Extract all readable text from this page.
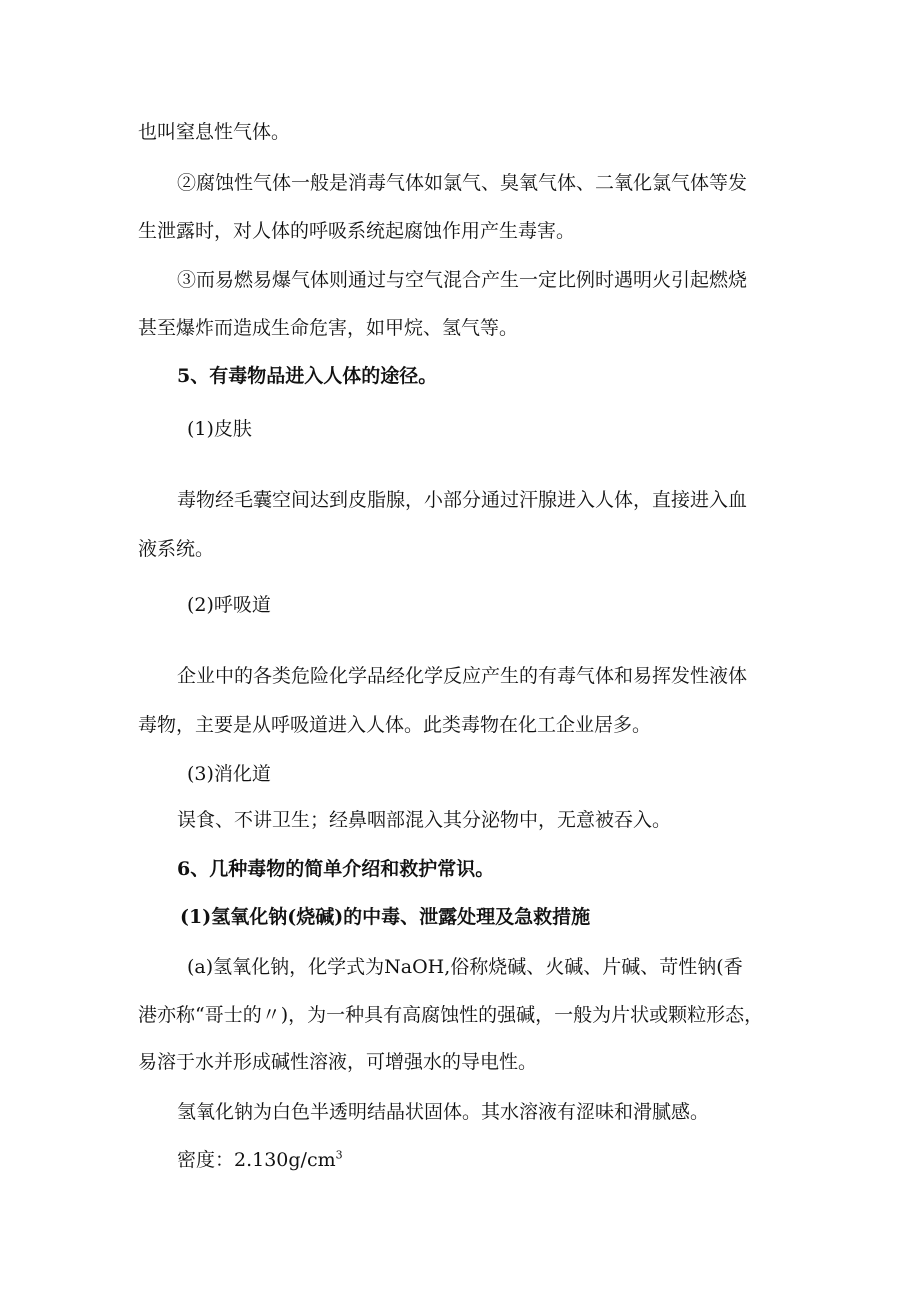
也叫窒息性气体。
②腐蚀性气体一般是消毒气体如氯气、臭氧气体、二氧化氯气体等发
生泄露时，对人体的呼吸系统起腐蚀作用产生毒害。
③而易燃易爆气体则通过与空气混合产生一定比例时遇明火引起燃烧
甚至爆炸而造成生命危害，如甲烷、氢气等。
5、有毒物品进入人体的途径。
(1)皮肤
毒物经毛囊空间达到皮脂腺，小部分通过汗腺进入人体，直接进入血
液系统。
(2)呼吸道
企业中的各类危险化学品经化学反应产生的有毒气体和易挥发性液体
毒物，主要是从呼吸道进入人体。此类毒物在化工企业居多。
(3)消化道
误食、不讲卫生；经鼻咽部混入其分泌物中，无意被吞入。
6、几种毒物的简单介绍和救护常识。
(1)氢氧化钠(烧碱)的中毒、泄露处理及急救措施
(a)氢氧化钠，化学式为NaOH,俗称烧碱、火碱、片碱、苛性钠(香
港亦称“哥士的〃)，为一种具有高腐蚀性的强碱，一般为片状或颗粒形态，
易溶于水并形成碱性溶液，可增强水的导电性。
氢氧化钠为白色半透明结晶状固体。其水溶液有涩味和滑腻感。
密度：$2.130g∕cm^3$
